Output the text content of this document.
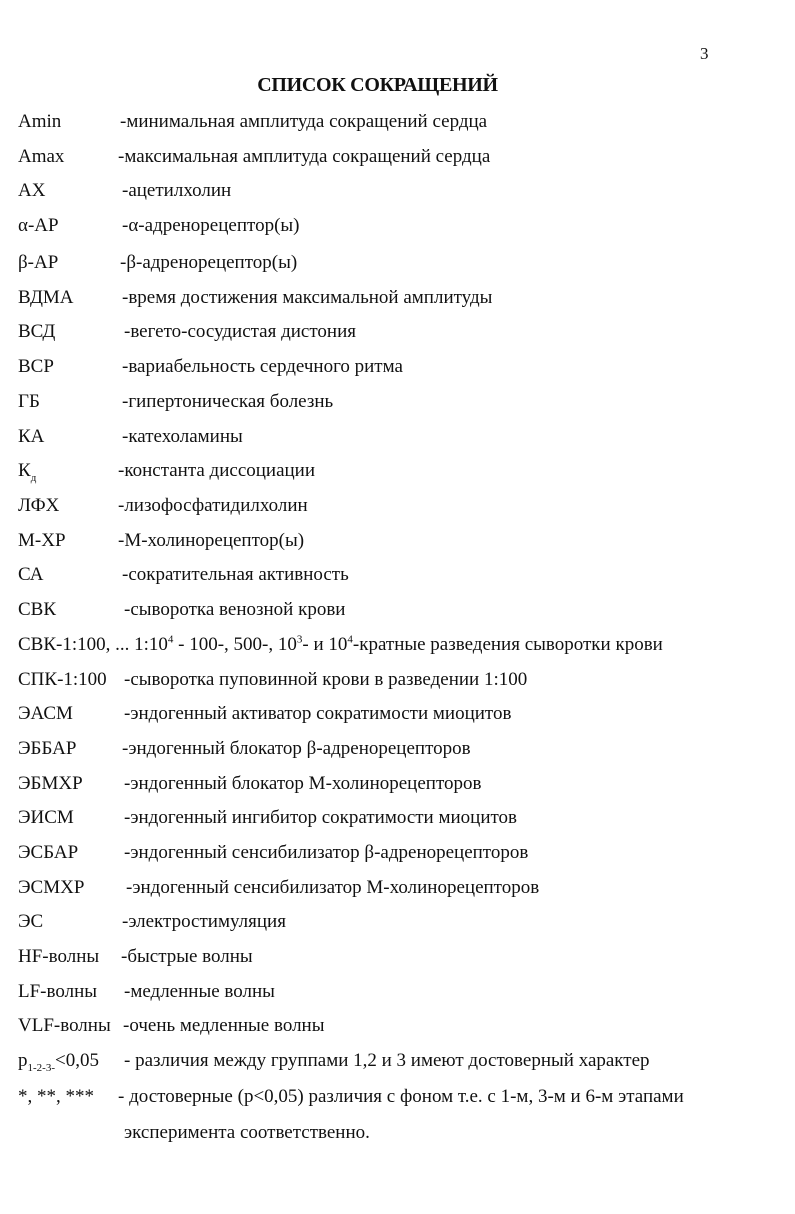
3
СПИСОК СОКРАЩЕНИЙ
Amin	-минимальная амплитуда сокращений сердца
Amax	-максимальная амплитуда сокращений сердца
АХ	-ацетилхолин
α-АР	-α-адренорецептор(ы)
β-АР	-β-адренорецептор(ы)
ВДМА	-время достижения максимальной амплитуды
ВСД	-вегето-сосудистая дистония
ВСР	-вариабельность сердечного ритма
ГБ	-гипертоническая болезнь
КА	-катехоламины
$К_д$	-константа диссоциации
ЛФХ	-лизофосфатидилхолин
М-ХР	-М-холинорецептор(ы)
СА	-сократительная активность
СВК	-сыворотка венозной крови
СВК-1:100, ... $1:10^4 - 100-$, 500-, $10^3-$ и $10^4$-кратные разведения сыворотки крови
СПК-1:100 -сыворотка пуповинной крови в разведении 1:100
ЭАСМ	-эндогенный активатор сократимости миоцитов
ЭББАР -эндогенный блокатор β-адренорецепторов
ЭБМХР -эндогенный блокатор М-холинорецепторов
ЭИСМ	-эндогенный ингибитор сократимости миоцитов
ЭСБАР -эндогенный сенсибилизатор β-адренорецепторов
ЭСМХР -эндогенный сенсибилизатор М-холинорецепторов
ЭС	-электростимуляция
HF-волны -быстрые волны
LF-волны -медленные волны
VLF-волны -очень медленные волны
$p_{1-2-3-}<0,05$ - различия между группами 1,2 и 3 имеют достоверный характер
*, **, *** - достоверные (p<0,05) различия с фоном т.е. с 1-м, 3-м и 6-м этапами
эксперимента соответственно.
